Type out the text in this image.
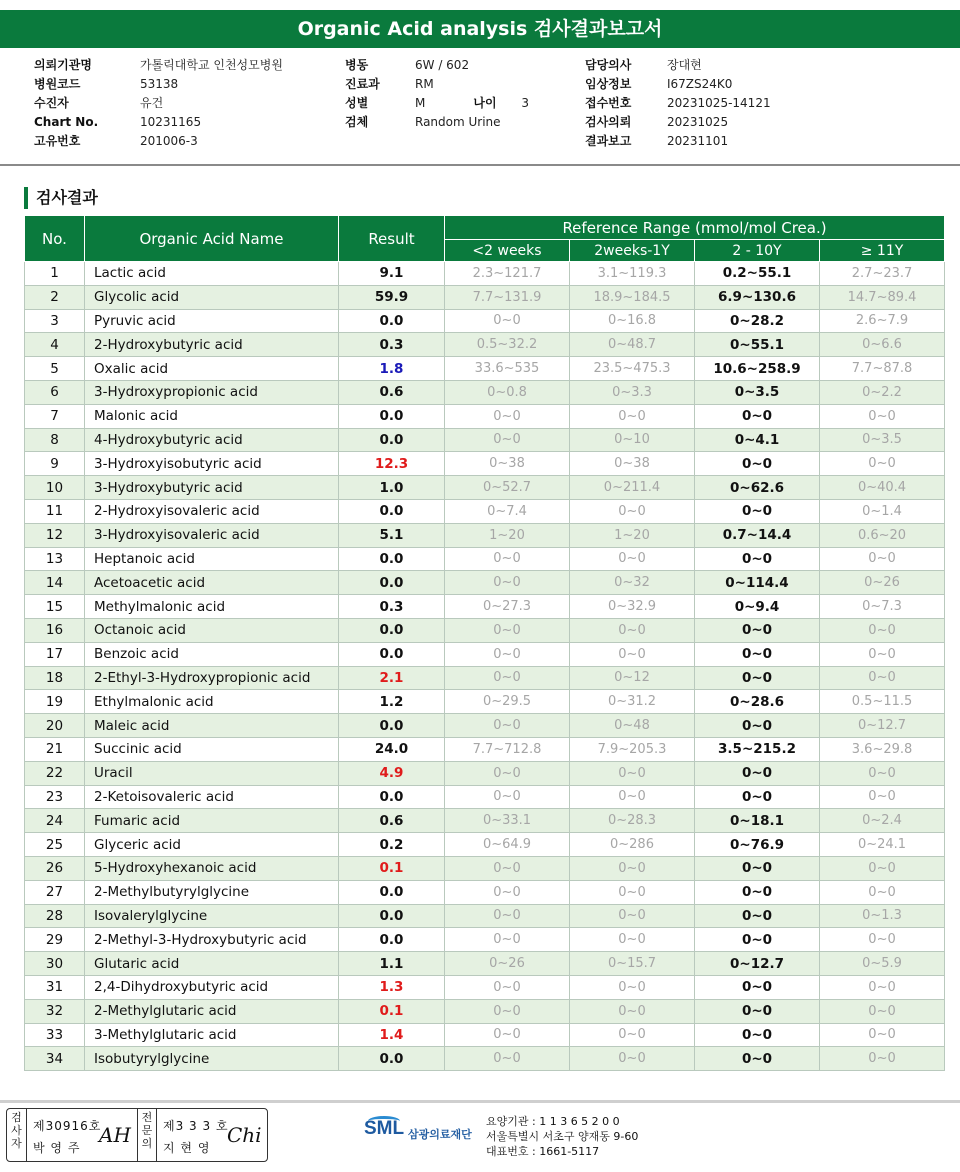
Organic Acid analysis 검사결과보고서
의뢰기관명	가톨릭대학교 인천성모병원
병원코드	53138
수진자	유건
Chart No.	10231165
고유번호	201006-3
병동	6W / 602
진료과	RM
성별	M	나이	3
검체	Random Urine
담당의사	장대현
임상정보	I67ZS24K0
접수번호	20231025-14121
검사의뢰	20231025
결과보고	20231101
검사결과
No.	Organic Acid Name	Result	Reference Range (mmol/mol Crea.)			
			<2 weeks	2weeks-1Y	2 - 10Y	≥ 11Y
1	Lactic acid	9.1	2.3~121.7	3.1~119.3	0.2~55.1	2.7~23.7
2	Glycolic acid	59.9	7.7~131.9	18.9~184.5	6.9~130.6	14.7~89.4
3	Pyruvic acid	0.0	0~0	0~16.8	0~28.2	2.6~7.9
4	2-Hydroxybutyric acid	0.3	0.5~32.2	0~48.7	0~55.1	0~6.6
5	Oxalic acid	1.8	33.6~535	23.5~475.3	10.6~258.9	7.7~87.8
6	3-Hydroxypropionic acid	0.6	0~0.8	0~3.3	0~3.5	0~2.2
7	Malonic acid	0.0	0~0	0~0	0~0	0~0
8	4-Hydroxybutyric acid	0.0	0~0	0~10	0~4.1	0~3.5
9	3-Hydroxyisobutyric acid	12.3	0~38	0~38	0~0	0~0
10	3-Hydroxybutyric acid	1.0	0~52.7	0~211.4	0~62.6	0~40.4
11	2-Hydroxyisovaleric acid	0.0	0~7.4	0~0	0~0	0~1.4
12	3-Hydroxyisovaleric acid	5.1	1~20	1~20	0.7~14.4	0.6~20
13	Heptanoic acid	0.0	0~0	0~0	0~0	0~0
14	Acetoacetic acid	0.0	0~0	0~32	0~114.4	0~26
15	Methylmalonic acid	0.3	0~27.3	0~32.9	0~9.4	0~7.3
16	Octanoic acid	0.0	0~0	0~0	0~0	0~0
17	Benzoic acid	0.0	0~0	0~0	0~0	0~0
18	2-Ethyl-3-Hydroxypropionic acid	2.1	0~0	0~12	0~0	0~0
19	Ethylmalonic acid	1.2	0~29.5	0~31.2	0~28.6	0.5~11.5
20	Maleic acid	0.0	0~0	0~48	0~0	0~12.7
21	Succinic acid	24.0	7.7~712.8	7.9~205.3	3.5~215.2	3.6~29.8
22	Uracil	4.9	0~0	0~0	0~0	0~0
23	2-Ketoisovaleric acid	0.0	0~0	0~0	0~0	0~0
24	Fumaric acid	0.6	0~33.1	0~28.3	0~18.1	0~2.4
25	Glyceric acid	0.2	0~64.9	0~286	0~76.9	0~24.1
26	5-Hydroxyhexanoic acid	0.1	0~0	0~0	0~0	0~0
27	2-Methylbutyrylglycine	0.0	0~0	0~0	0~0	0~0
28	Isovalerylglycine	0.0	0~0	0~0	0~0	0~1.3
29	2-Methyl-3-Hydroxybutyric acid	0.0	0~0	0~0	0~0	0~0
30	Glutaric acid	1.1	0~26	0~15.7	0~12.7	0~5.9
31	2,4-Dihydroxybutyric acid	1.3	0~0	0~0	0~0	0~0
32	2-Methylglutaric acid	0.1	0~0	0~0	0~0	0~0
33	3-Methylglutaric acid	1.4	0~0	0~0	0~0	0~0
34	Isobutyrylglycine	0.0	0~0	0~0	0~0	0~0
검사자
제30916호
박 영 주
AH
전문의
제3 3 3 호
지 현 영
Chi	SML 삼광의료재단
요양기관 : 1 1 3 6 5 2 0 0
서울특별시 서초구 양재동 9-60
대표번호 : 1661-5117
